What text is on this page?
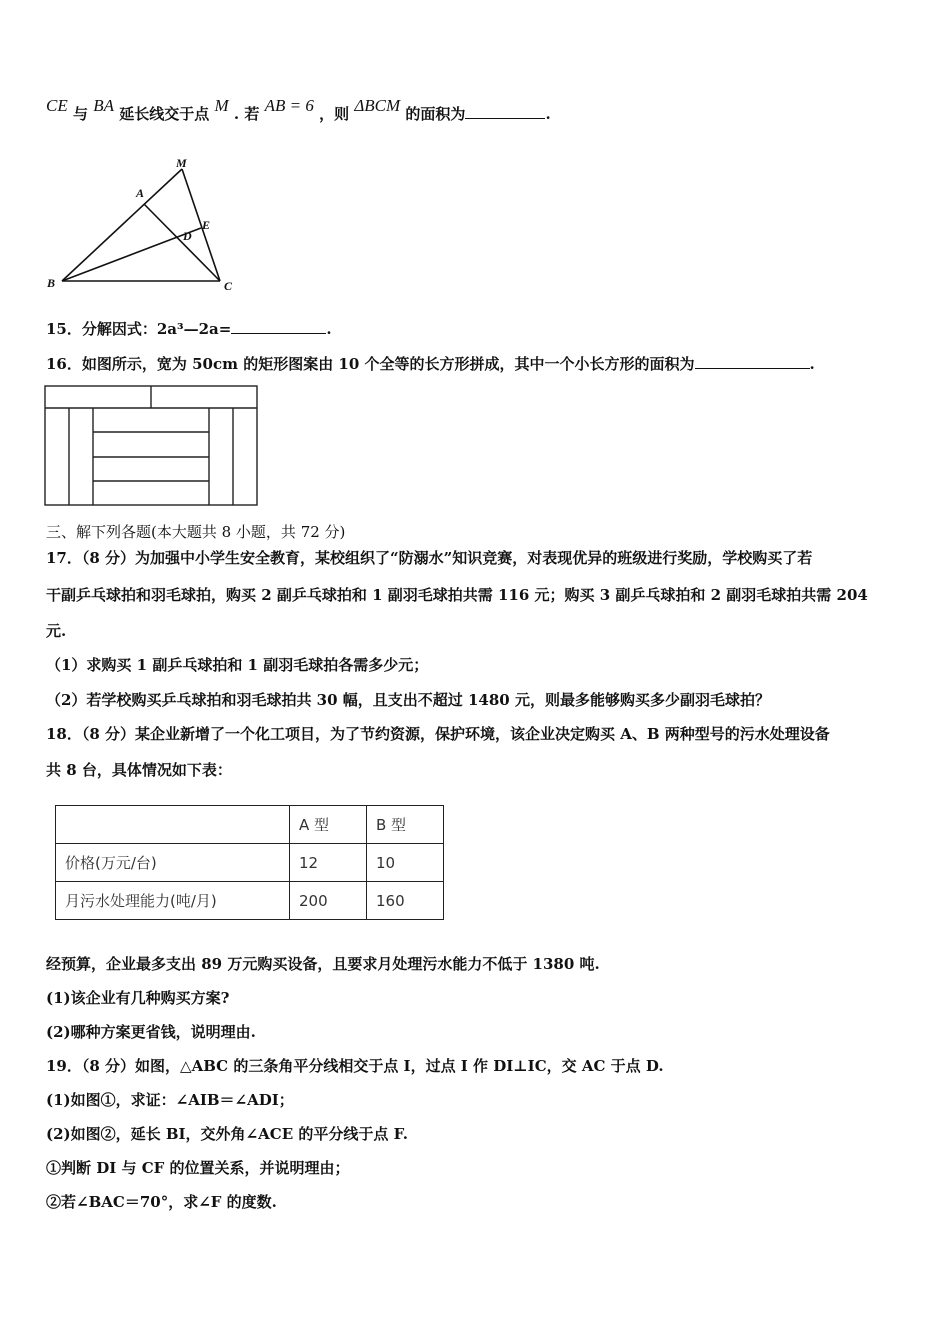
CE 与 BA 延长线交于点 M . 若 AB = 6 ，则 ΔBCM 的面积为	.
M
A
E
D
B	C
15．分解因式：2a³—2a=	.
16．如图所示，宽为 50cm 的矩形图案由 10 个全等的长方形拼成，其中一个小长方形的面积为	.
三、解下列各题(本大题共 8 小题，共 72 分)
17．（8 分）为加强中小学生安全教育，某校组织了“防溺水”知识竞赛，对表现优异的班级进行奖励，学校购买了若
干副乒乓球拍和羽毛球拍，购买 2 副乒乓球拍和 1 副羽毛球拍共需 116 元；购买 3 副乒乓球拍和 2 副羽毛球拍共需 204
元.
（1）求购买 1 副乒乓球拍和 1 副羽毛球拍各需多少元；
（2）若学校购买乒乓球拍和羽毛球拍共 30 幅，且支出不超过 1480 元，则最多能够购买多少副羽毛球拍？
18．（8 分）某企业新增了一个化工项目，为了节约资源，保护环境，该企业决定购买 A、B 两种型号的污水处理设备
共 8 台，具体情况如下表：
	A 型	B 型
价格(万元/台)	12	10
月污水处理能力(吨/月)	200	160
经预算，企业最多支出 89 万元购买设备，且要求月处理污水能力不低于 1380 吨.
(1)该企业有几种购买方案?
(2)哪种方案更省钱，说明理由.
19．（8 分）如图，△ABC 的三条角平分线相交于点 I，过点 I 作 DI⊥IC，交 AC 于点 D.
(1)如图①，求证：∠AIB＝∠ADI；
(2)如图②，延长 BI，交外角∠ACE 的平分线于点 F.
①判断 DI 与 CF 的位置关系，并说明理由；
②若∠BAC＝70°，求∠F 的度数.
